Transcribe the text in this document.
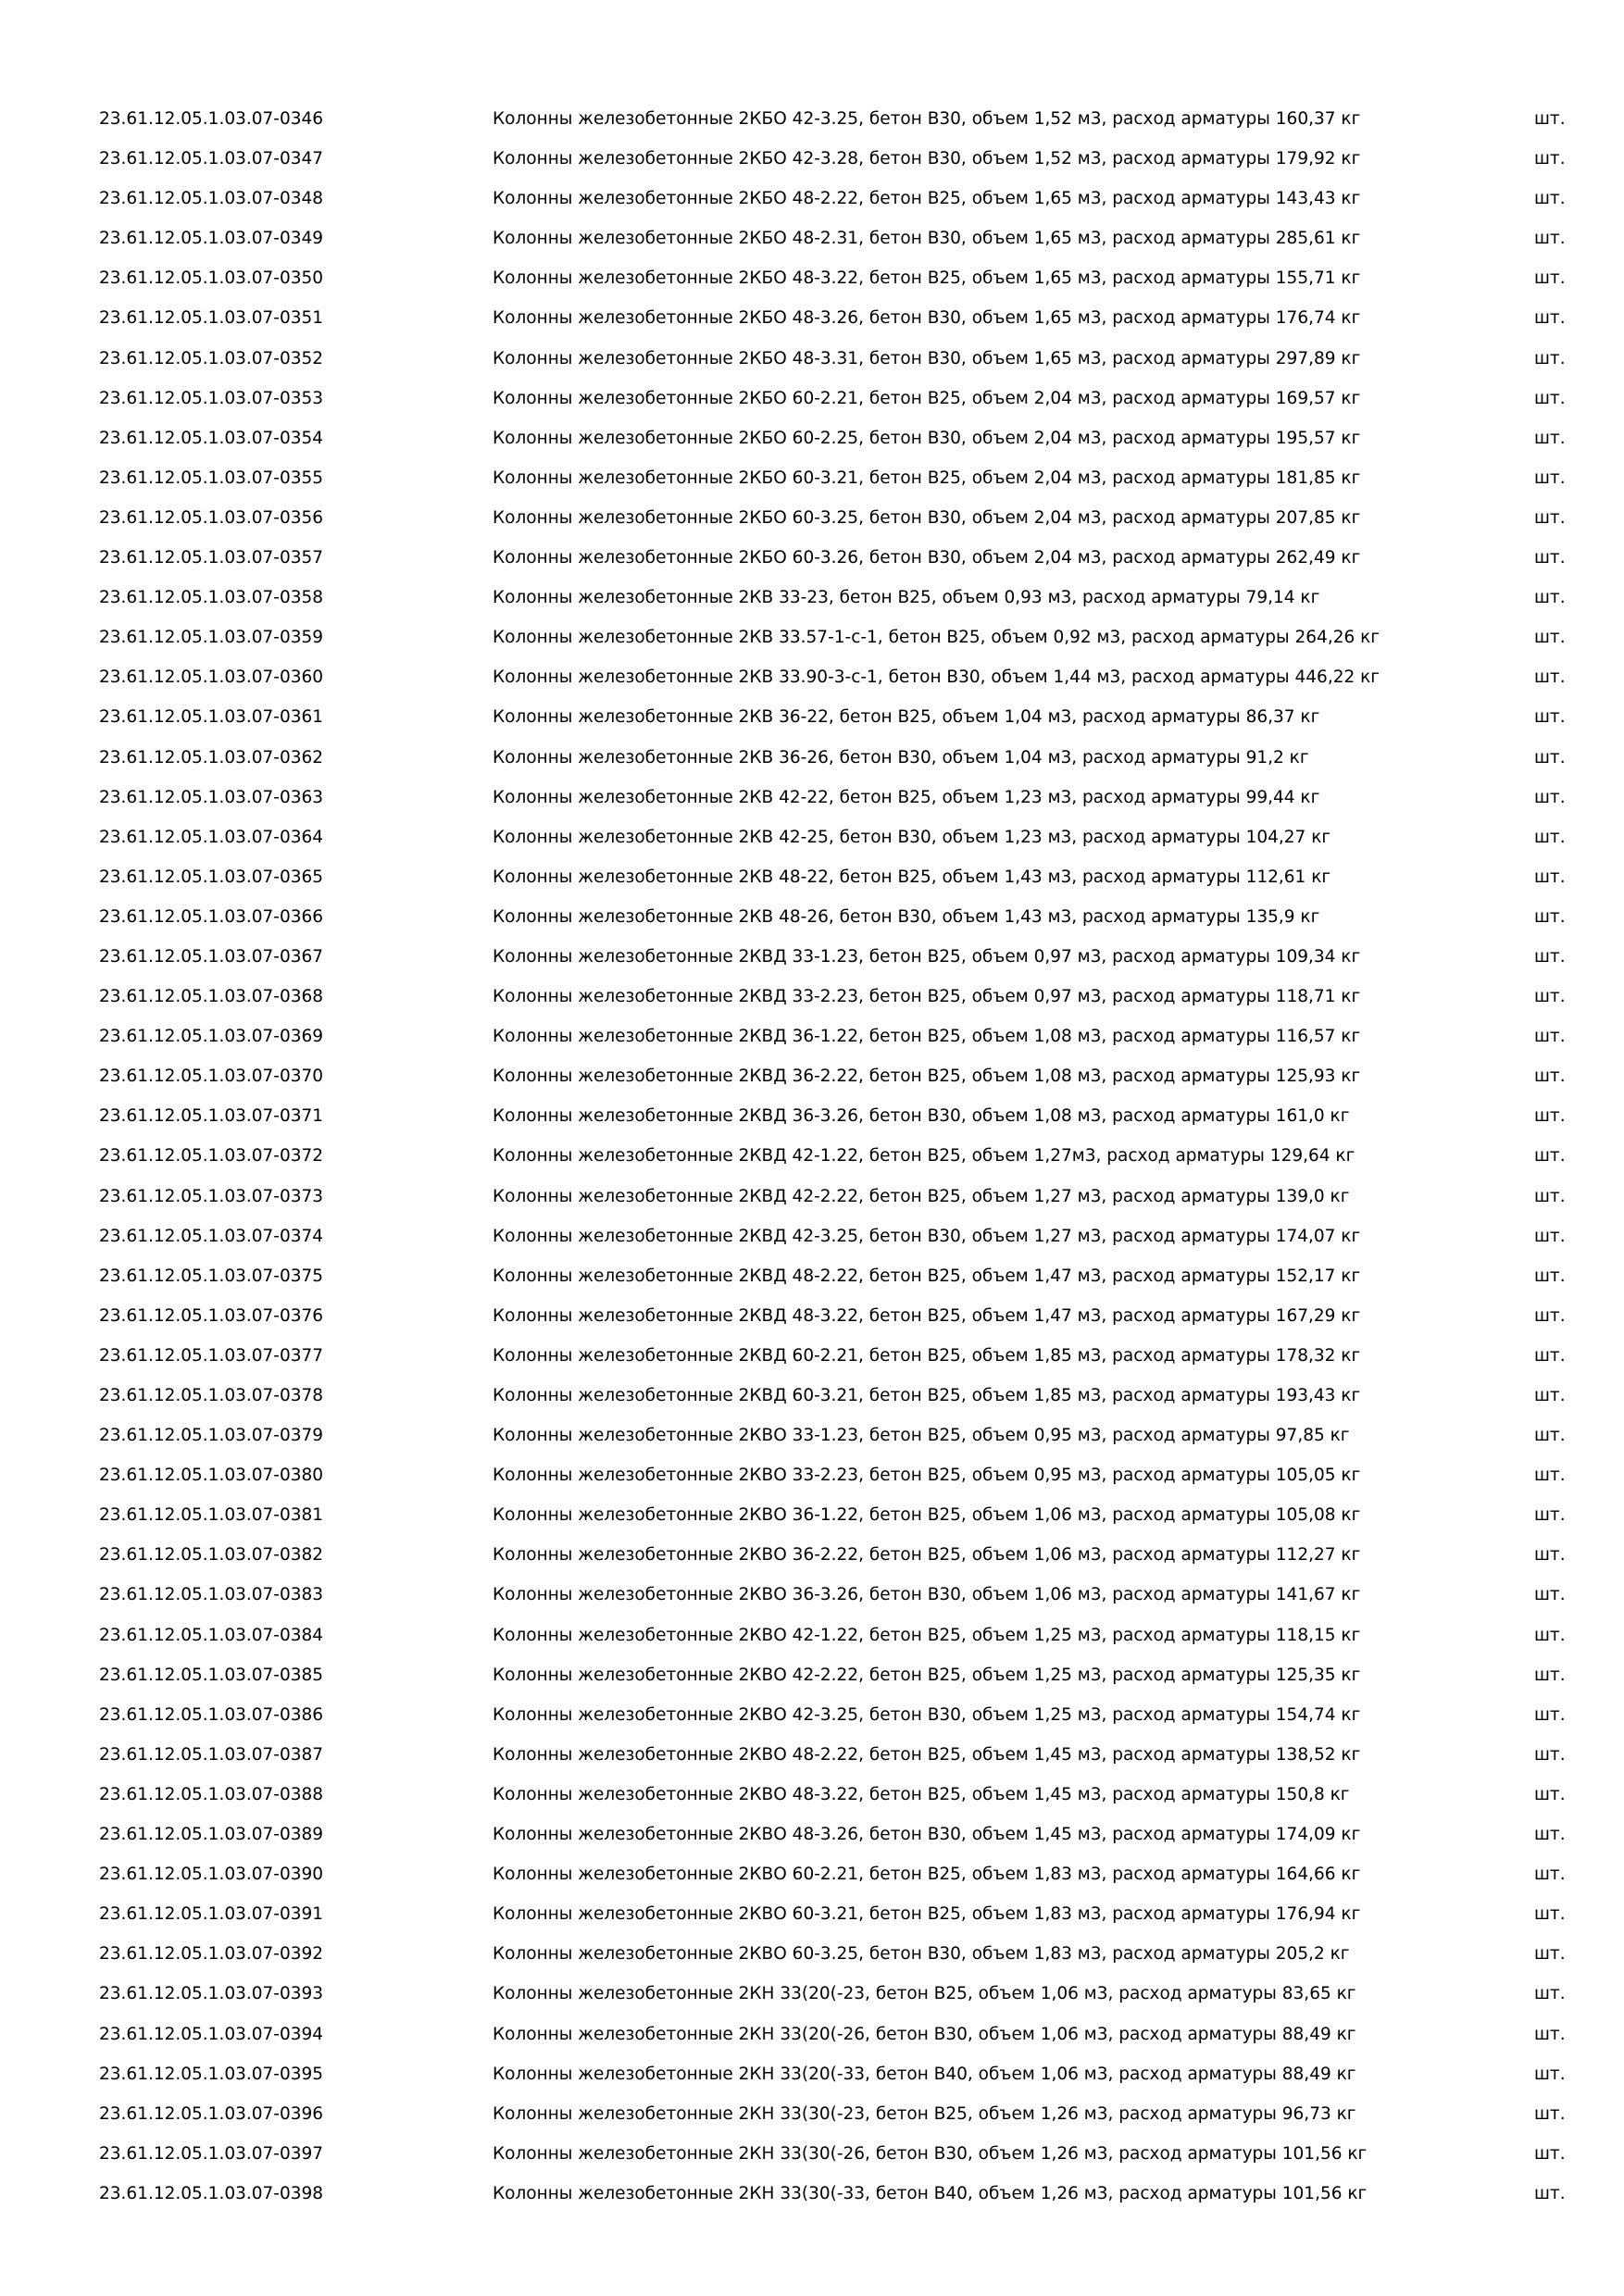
23.61.12.05.1.03.07-0346	Колонны железобетонные 2КБО 42-3.25, бетон В30, объем 1,52 м3, расход арматуры 160,37 кг	шт.
23.61.12.05.1.03.07-0347	Колонны железобетонные 2КБО 42-3.28, бетон В30, объем 1,52 м3, расход арматуры 179,92 кг	шт.
23.61.12.05.1.03.07-0348	Колонны железобетонные 2КБО 48-2.22, бетон В25, объем 1,65 м3, расход арматуры 143,43 кг	шт.
23.61.12.05.1.03.07-0349	Колонны железобетонные 2КБО 48-2.31, бетон В30, объем 1,65 м3, расход арматуры 285,61 кг	шт.
23.61.12.05.1.03.07-0350	Колонны железобетонные 2КБО 48-3.22, бетон В25, объем 1,65 м3, расход арматуры 155,71 кг	шт.
23.61.12.05.1.03.07-0351	Колонны железобетонные 2КБО 48-3.26, бетон В30, объем 1,65 м3, расход арматуры 176,74 кг	шт.
23.61.12.05.1.03.07-0352	Колонны железобетонные 2КБО 48-3.31, бетон В30, объем 1,65 м3, расход арматуры 297,89 кг	шт.
23.61.12.05.1.03.07-0353	Колонны железобетонные 2КБО 60-2.21, бетон В25, объем 2,04 м3, расход арматуры 169,57 кг	шт.
23.61.12.05.1.03.07-0354	Колонны железобетонные 2КБО 60-2.25, бетон В30, объем 2,04 м3, расход арматуры 195,57 кг	шт.
23.61.12.05.1.03.07-0355	Колонны железобетонные 2КБО 60-3.21, бетон В25, объем 2,04 м3, расход арматуры 181,85 кг	шт.
23.61.12.05.1.03.07-0356	Колонны железобетонные 2КБО 60-3.25, бетон В30, объем 2,04 м3, расход арматуры 207,85 кг	шт.
23.61.12.05.1.03.07-0357	Колонны железобетонные 2КБО 60-3.26, бетон В30, объем 2,04 м3, расход арматуры 262,49 кг	шт.
23.61.12.05.1.03.07-0358	Колонны железобетонные 2КВ 33-23, бетон В25, объем 0,93 м3, расход арматуры 79,14 кг	шт.
23.61.12.05.1.03.07-0359	Колонны железобетонные 2КВ 33.57-1-с-1, бетон В25, объем 0,92 м3, расход арматуры 264,26 кг	шт.
23.61.12.05.1.03.07-0360	Колонны железобетонные 2КВ 33.90-3-с-1, бетон В30, объем 1,44 м3, расход арматуры 446,22 кг	шт.
23.61.12.05.1.03.07-0361	Колонны железобетонные 2КВ 36-22, бетон В25, объем 1,04 м3, расход арматуры 86,37 кг	шт.
23.61.12.05.1.03.07-0362	Колонны железобетонные 2КВ 36-26, бетон В30, объем 1,04 м3, расход арматуры 91,2 кг	шт.
23.61.12.05.1.03.07-0363	Колонны железобетонные 2КВ 42-22, бетон В25, объем 1,23 м3, расход арматуры 99,44 кг	шт.
23.61.12.05.1.03.07-0364	Колонны железобетонные 2КВ 42-25, бетон В30, объем 1,23 м3, расход арматуры 104,27 кг	шт.
23.61.12.05.1.03.07-0365	Колонны железобетонные 2КВ 48-22, бетон В25, объем 1,43 м3, расход арматуры 112,61 кг	шт.
23.61.12.05.1.03.07-0366	Колонны железобетонные 2КВ 48-26, бетон В30, объем 1,43 м3, расход арматуры 135,9 кг	шт.
23.61.12.05.1.03.07-0367	Колонны железобетонные 2КВД 33-1.23, бетон В25, объем 0,97 м3, расход арматуры 109,34 кг	шт.
23.61.12.05.1.03.07-0368	Колонны железобетонные 2КВД 33-2.23, бетон В25, объем 0,97 м3, расход арматуры 118,71 кг	шт.
23.61.12.05.1.03.07-0369	Колонны железобетонные 2КВД 36-1.22, бетон В25, объем 1,08 м3, расход арматуры 116,57 кг	шт.
23.61.12.05.1.03.07-0370	Колонны железобетонные 2КВД 36-2.22, бетон В25, объем 1,08 м3, расход арматуры 125,93 кг	шт.
23.61.12.05.1.03.07-0371	Колонны железобетонные 2КВД 36-3.26, бетон В30, объем 1,08 м3, расход арматуры 161,0 кг	шт.
23.61.12.05.1.03.07-0372	Колонны железобетонные 2КВД 42-1.22, бетон В25, объем 1,27м3, расход арматуры 129,64 кг	шт.
23.61.12.05.1.03.07-0373	Колонны железобетонные 2КВД 42-2.22, бетон В25, объем 1,27 м3, расход арматуры 139,0 кг	шт.
23.61.12.05.1.03.07-0374	Колонны железобетонные 2КВД 42-3.25, бетон В30, объем 1,27 м3, расход арматуры 174,07 кг	шт.
23.61.12.05.1.03.07-0375	Колонны железобетонные 2КВД 48-2.22, бетон В25, объем 1,47 м3, расход арматуры 152,17 кг	шт.
23.61.12.05.1.03.07-0376	Колонны железобетонные 2КВД 48-3.22, бетон В25, объем 1,47 м3, расход арматуры 167,29 кг	шт.
23.61.12.05.1.03.07-0377	Колонны железобетонные 2КВД 60-2.21, бетон В25, объем 1,85 м3, расход арматуры 178,32 кг	шт.
23.61.12.05.1.03.07-0378	Колонны железобетонные 2КВД 60-3.21, бетон В25, объем 1,85 м3, расход арматуры 193,43 кг	шт.
23.61.12.05.1.03.07-0379	Колонны железобетонные 2КВО 33-1.23, бетон В25, объем 0,95 м3, расход арматуры 97,85 кг	шт.
23.61.12.05.1.03.07-0380	Колонны железобетонные 2КВО 33-2.23, бетон В25, объем 0,95 м3, расход арматуры 105,05 кг	шт.
23.61.12.05.1.03.07-0381	Колонны железобетонные 2КВО 36-1.22, бетон В25, объем 1,06 м3, расход арматуры 105,08 кг	шт.
23.61.12.05.1.03.07-0382	Колонны железобетонные 2КВО 36-2.22, бетон В25, объем 1,06 м3, расход арматуры 112,27 кг	шт.
23.61.12.05.1.03.07-0383	Колонны железобетонные 2КВО 36-3.26, бетон В30, объем 1,06 м3, расход арматуры 141,67 кг	шт.
23.61.12.05.1.03.07-0384	Колонны железобетонные 2КВО 42-1.22, бетон В25, объем 1,25 м3, расход арматуры 118,15 кг	шт.
23.61.12.05.1.03.07-0385	Колонны железобетонные 2КВО 42-2.22, бетон В25, объем 1,25 м3, расход арматуры 125,35 кг	шт.
23.61.12.05.1.03.07-0386	Колонны железобетонные 2КВО 42-3.25, бетон В30, объем 1,25 м3, расход арматуры 154,74 кг	шт.
23.61.12.05.1.03.07-0387	Колонны железобетонные 2КВО 48-2.22, бетон В25, объем 1,45 м3, расход арматуры 138,52 кг	шт.
23.61.12.05.1.03.07-0388	Колонны железобетонные 2КВО 48-3.22, бетон В25, объем 1,45 м3, расход арматуры 150,8 кг	шт.
23.61.12.05.1.03.07-0389	Колонны железобетонные 2КВО 48-3.26, бетон В30, объем 1,45 м3, расход арматуры 174,09 кг	шт.
23.61.12.05.1.03.07-0390	Колонны железобетонные 2КВО 60-2.21, бетон В25, объем 1,83 м3, расход арматуры 164,66 кг	шт.
23.61.12.05.1.03.07-0391	Колонны железобетонные 2КВО 60-3.21, бетон В25, объем 1,83 м3, расход арматуры 176,94 кг	шт.
23.61.12.05.1.03.07-0392	Колонны железобетонные 2КВО 60-3.25, бетон В30, объем 1,83 м3, расход арматуры 205,2 кг	шт.
23.61.12.05.1.03.07-0393	Колонны железобетонные 2КН 33(20(-23, бетон В25, объем 1,06 м3, расход арматуры 83,65 кг	шт.
23.61.12.05.1.03.07-0394	Колонны железобетонные 2КН 33(20(-26, бетон В30, объем 1,06 м3, расход арматуры 88,49 кг	шт.
23.61.12.05.1.03.07-0395	Колонны железобетонные 2КН 33(20(-33, бетон В40, объем 1,06 м3, расход арматуры 88,49 кг	шт.
23.61.12.05.1.03.07-0396	Колонны железобетонные 2КН 33(30(-23, бетон В25, объем 1,26 м3, расход арматуры 96,73 кг	шт.
23.61.12.05.1.03.07-0397	Колонны железобетонные 2КН 33(30(-26, бетон В30, объем 1,26 м3, расход арматуры 101,56 кг	шт.
23.61.12.05.1.03.07-0398	Колонны железобетонные 2КН 33(30(-33, бетон В40, объем 1,26 м3, расход арматуры 101,56 кг	шт.
